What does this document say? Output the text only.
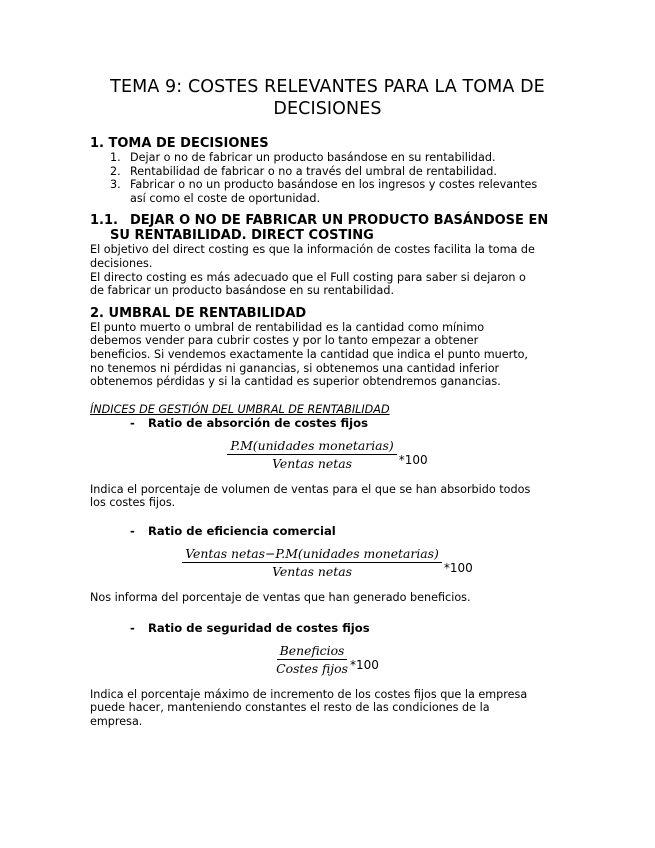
TEMA 9: COSTES RELEVANTES PARA LA TOMA DE
DECISIONES

1. TOMA DE DECISIONES

1. Dejar o no de fabricar un producto basándose en su rentabilidad.
2. Rentabilidad de fabricar o no a través del umbral de rentabilidad.
3. Fabricar o no un producto basándose en los ingresos y costes relevantes
así como el coste de oportunidad.
1.1. DEJAR O NO DE FABRICAR UN PRODUCTO BASÁNDOSE EN
SU RENTABILIDAD. DIRECT COSTING

El objetivo del direct costing es que la información de costes facilita la toma de
decisiones.

El directo costing es más adecuado que el Full costing para saber si dejaron o
de fabricar un producto basándose en su rentabilidad.

2. UMBRAL DE RENTABILIDAD

El punto muerto o umbral de rentabilidad es la cantidad como mínimo
debemos vender para cubrir costes y por lo tanto empezar a obtener
beneficios. Si vendemos exactamente la cantidad que indica el punto muerto,
no tenemos ni pérdidas ni ganancias, si obtenemos una cantidad inferior
obtenemos pérdidas y si la cantidad es superior obtendremos ganancias.

ÍNDICES DE GESTIÓN DEL UMBRAL DE RENTABILIDAD

- Ratio de absorción de costes fijos

$\frac{\text{P.M(unidades monetarias)}}{\text{Ventas netas}} *100$

Indica el porcentaje de volumen de ventas para el que se han absorbido todos
los costes fijos.

- Ratio de eficiencia comercial

$\frac{\text{Ventas netas−P.M(unidades monetarias)}}{\text{Ventas netas}} *100$

Nos informa del porcentaje de ventas que han generado beneficios.

- Ratio de seguridad de costes fijos

$\frac{\text{Beneficios}}{\text{Costes fijos}} *100$

Indica el porcentaje máximo de incremento de los costes fijos que la empresa
puede hacer, manteniendo constantes el resto de las condiciones de la
empresa.
